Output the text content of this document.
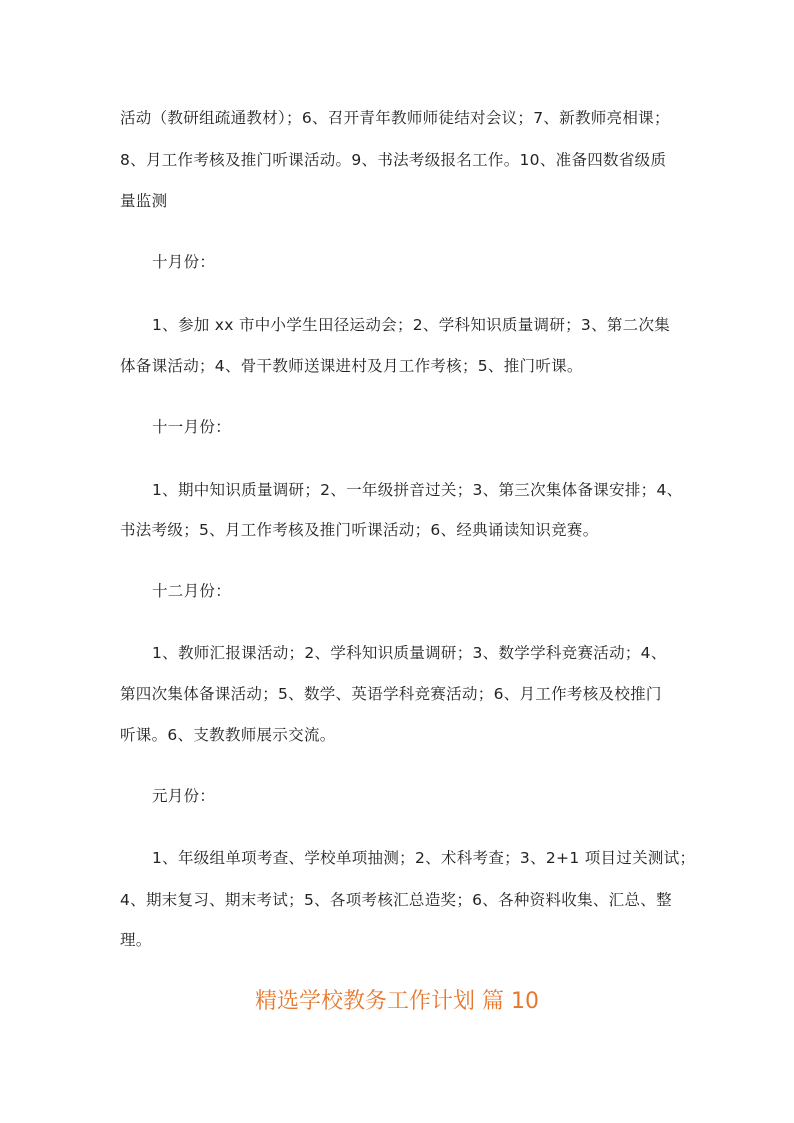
活动（教研组疏通教材）；6、召开青年教师师徒结对会议；7、新教师亮相课；
8、月工作考核及推门听课活动。9、书法考级报名工作。10、准备四数省级质
量监测
十月份：
1、参加 xx 市中小学生田径运动会；2、学科知识质量调研；3、第二次集
体备课活动；4、骨干教师送课进村及月工作考核；5、推门听课。
十一月份：
1、期中知识质量调研；2、一年级拼音过关；3、第三次集体备课安排；4、
书法考级；5、月工作考核及推门听课活动；6、经典诵读知识竞赛。
十二月份：
1、教师汇报课活动；2、学科知识质量调研；3、数学学科竞赛活动；4、
第四次集体备课活动；5、数学、英语学科竞赛活动；6、月工作考核及校推门
听课。6、支教教师展示交流。
元月份：
1、年级组单项考查、学校单项抽测；2、术科考查；3、2+1 项目过关测试；
4、期末复习、期末考试；5、各项考核汇总造奖；6、各种资料收集、汇总、整
理。
精选学校教务工作计划 篇 10
